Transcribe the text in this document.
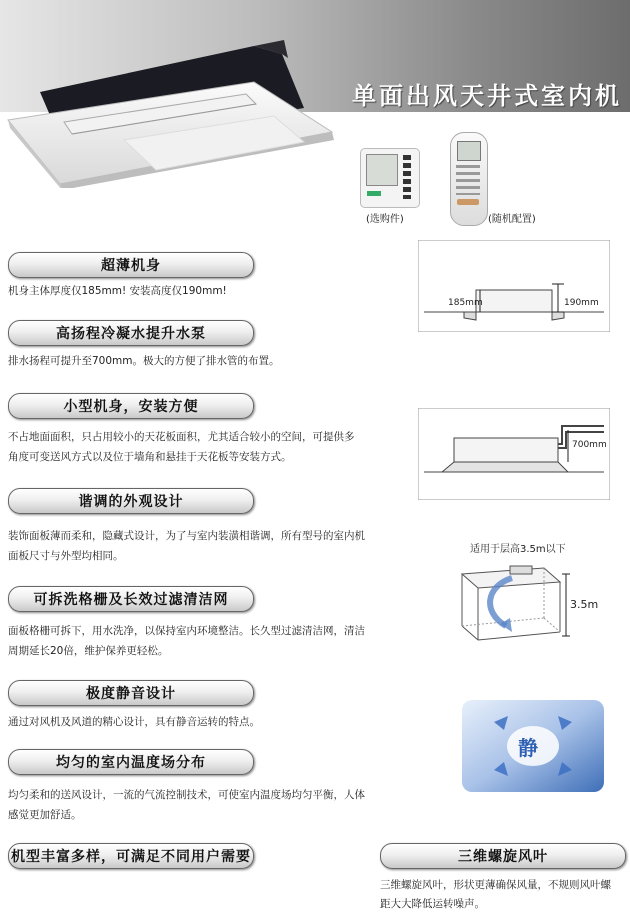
单面出风天井式室内机
(选购件)	(随机配置)
超薄机身
机身主体厚度仅185mm! 安装高度仅190mm!
高扬程冷凝水提升水泵
排水扬程可提升至700mm。极大的方便了排水管的布置。
小型机身，安装方便
不占地面面积，只占用较小的天花板面积，尤其适合较小的空间，可提供多
角度可变送风方式以及位于墙角和悬挂于天花板等安装方式。
谐调的外观设计
装饰面板薄而柔和，隐藏式设计，为了与室内装潢相谐调，所有型号的室内机
面板尺寸与外型均相同。
可拆洗格栅及长效过滤清洁网
面板格栅可拆下，用水洗净，以保持室内环境整洁。长久型过滤清洁网，清洁
周期延长20倍，维护保养更轻松。
极度静音设计
通过对风机及风道的精心设计，具有静音运转的特点。
均匀的室内温度场分布
均匀柔和的送风设计，一流的气流控制技术，可使室内温度场均匀平衡，人体
感觉更加舒适。
机型丰富多样，可满足不同用户需要	三维螺旋风叶
三维螺旋风叶，形状更薄确保风量，不规则风叶螺
距大大降低运转噪声。
185mm	190mm
700mm
适用于层高3.5m以下
3.5m
静
